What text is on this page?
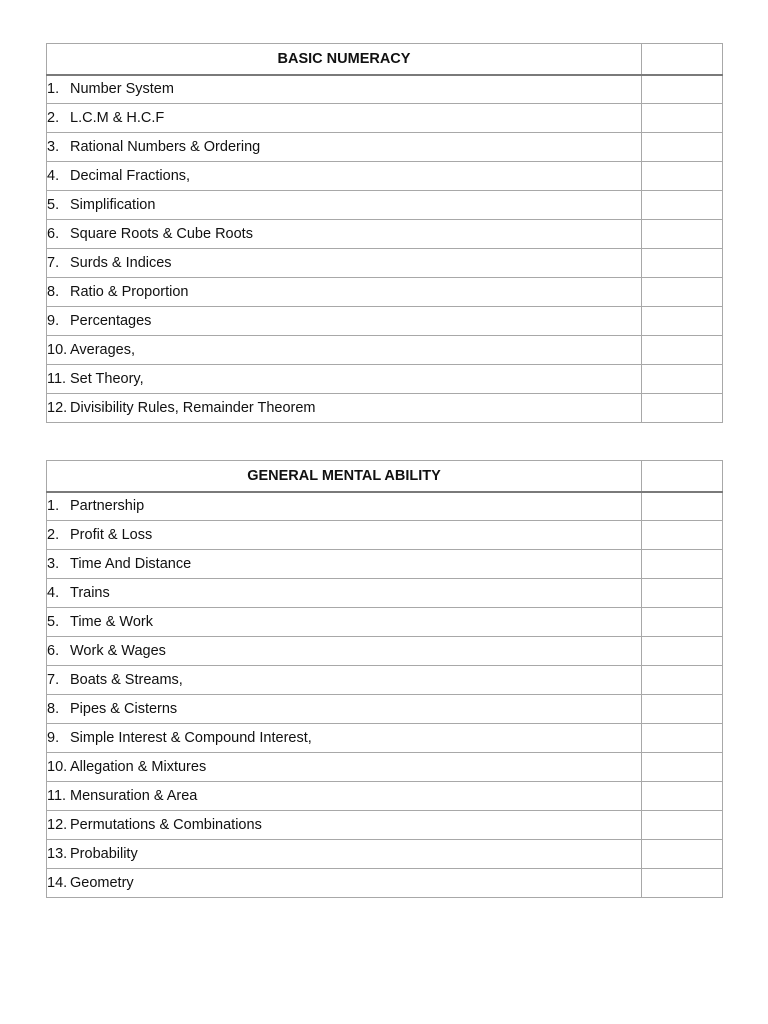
BASIC NUMERACY	
1. Number System	
2. L.C.M & H.C.F	
3. Rational Numbers & Ordering	
4. Decimal Fractions,	
5. Simplification	
6. Square Roots & Cube Roots	
7. Surds & Indices	
8. Ratio & Proportion	
9. Percentages	
10. Averages,	
11. Set Theory,	
12. Divisibility Rules, Remainder Theorem	
GENERAL MENTAL ABILITY	
1. Partnership	
2. Profit & Loss	
3. Time And Distance	
4. Trains	
5. Time & Work	
6. Work & Wages	
7. Boats & Streams,	
8. Pipes & Cisterns	
9. Simple Interest & Compound Interest,	
10. Allegation & Mixtures	
11. Mensuration & Area	
12. Permutations & Combinations	
13. Probability	
14. Geometry	
